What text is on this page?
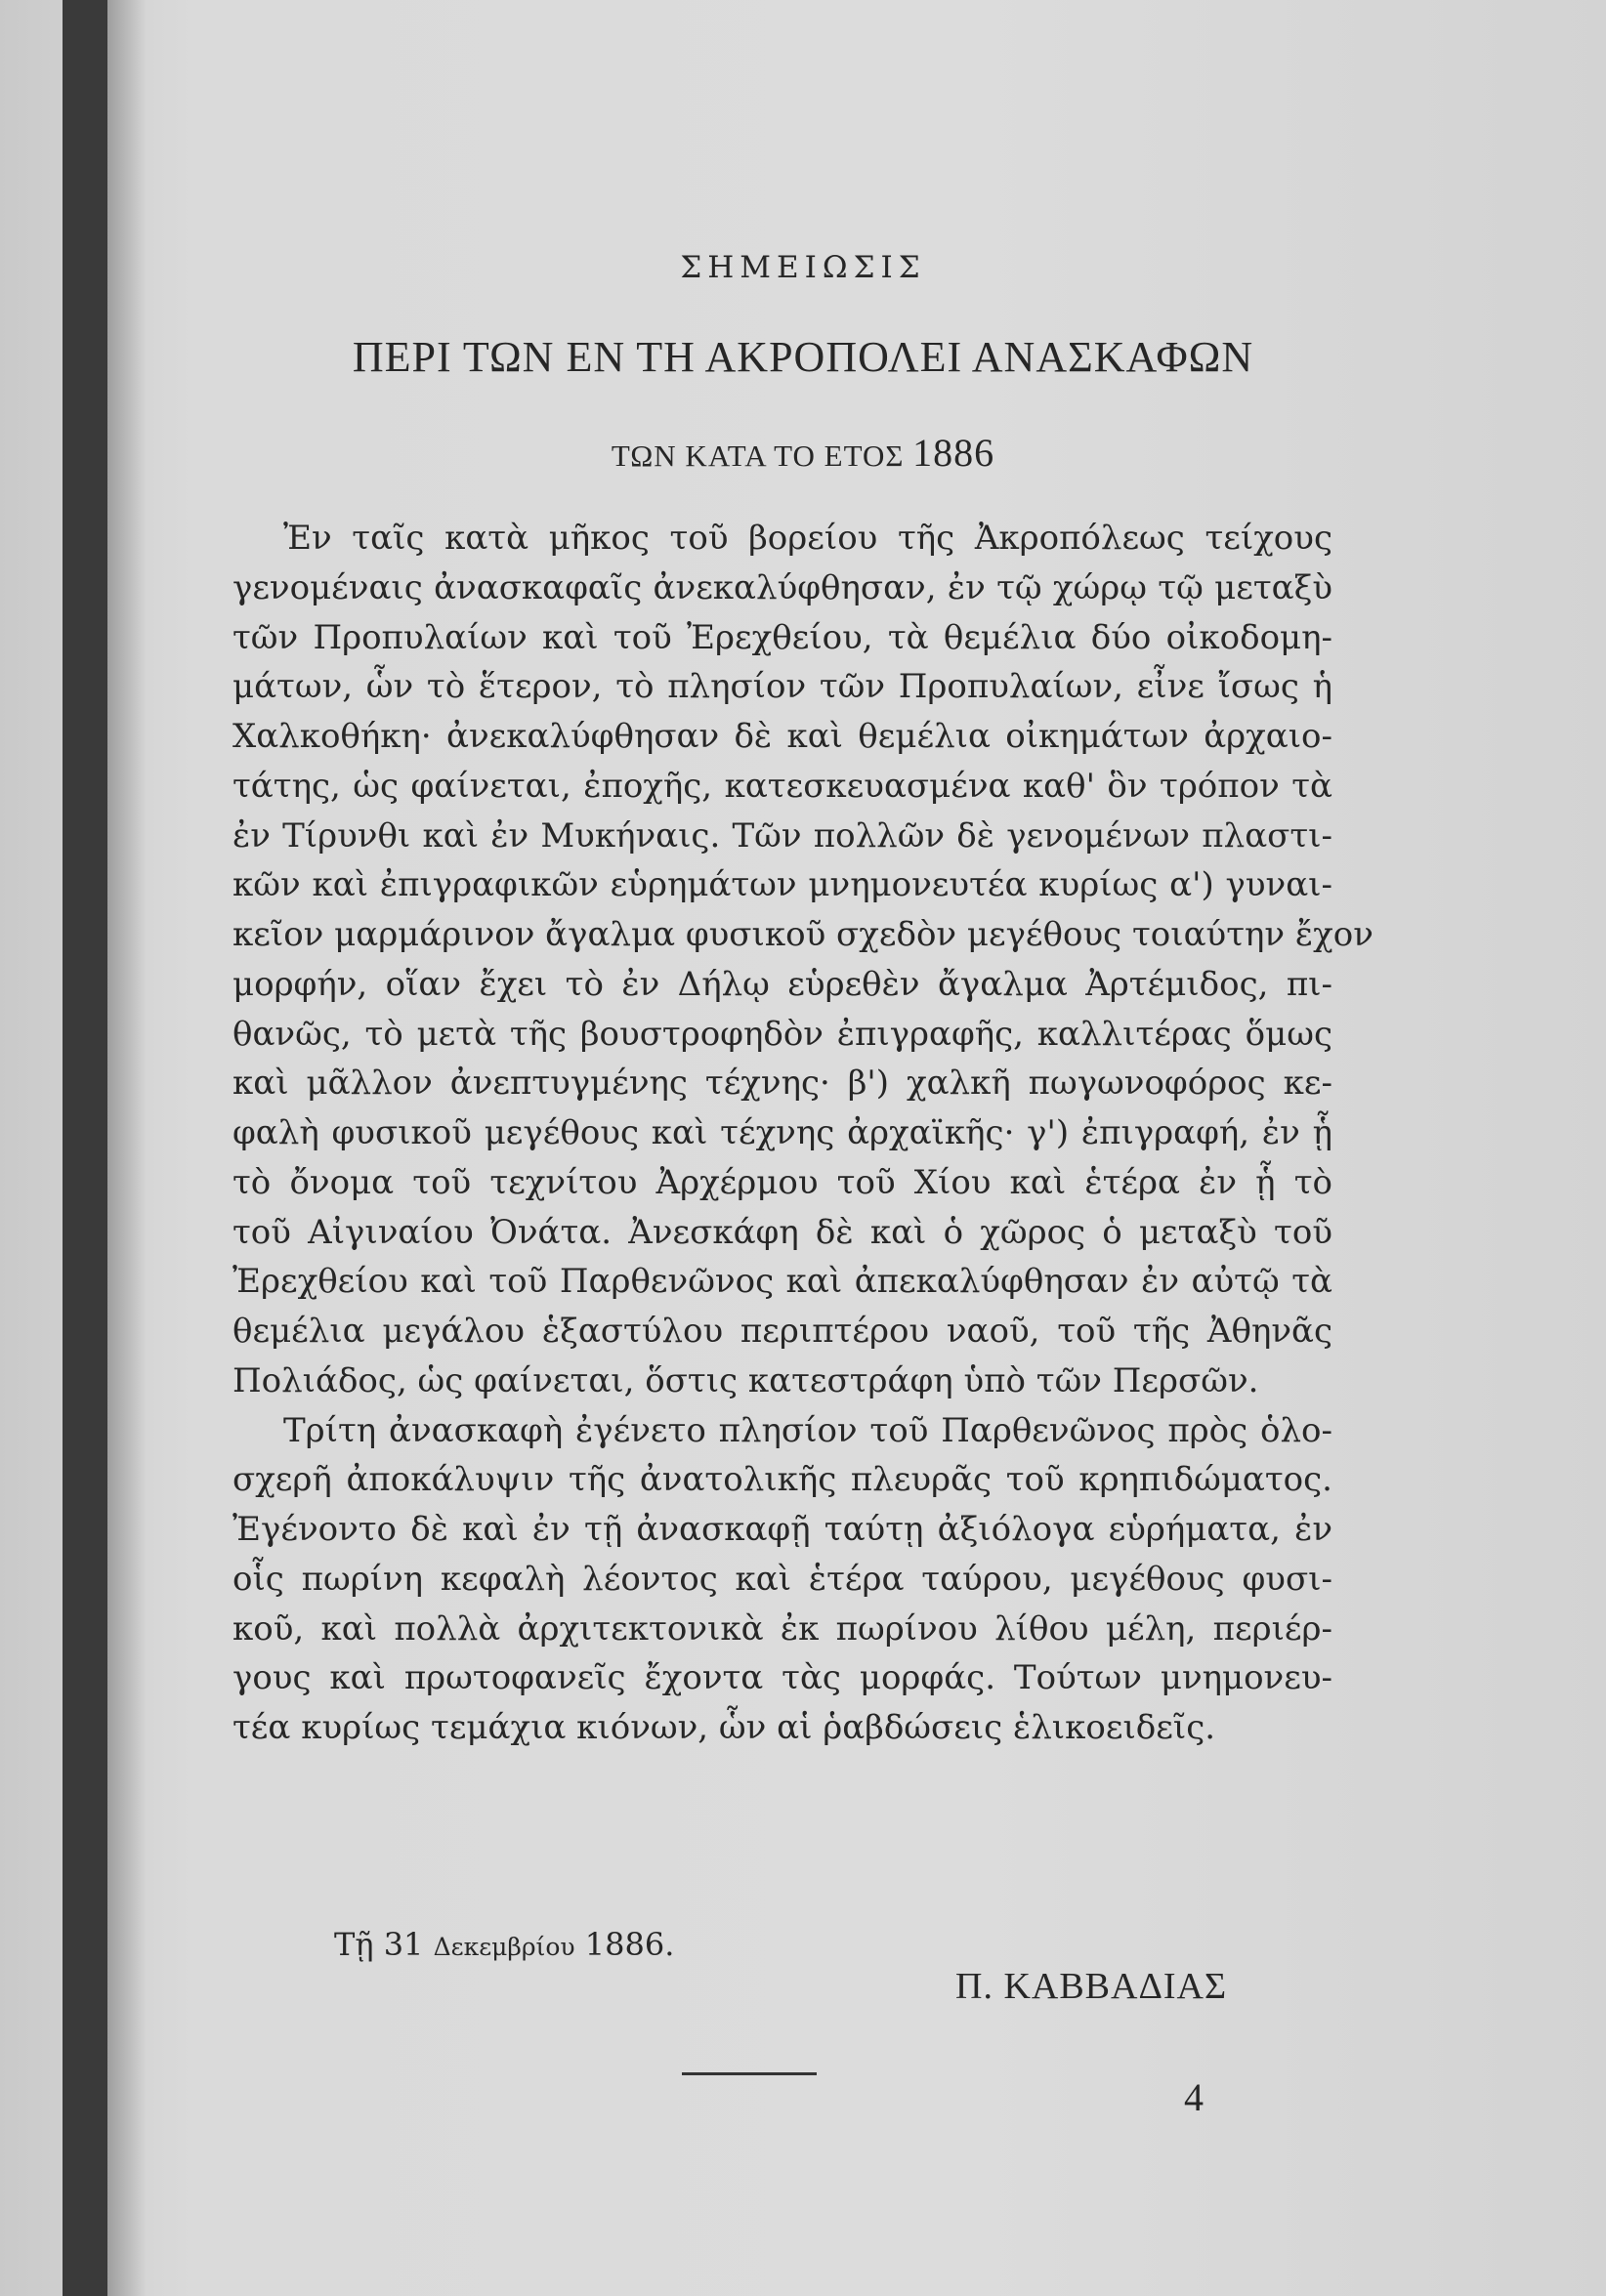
ΣΗΜΕΙΩΣΙΣ
ΠΕΡΙ ΤΩΝ ΕΝ ΤΗ ΑΚΡΟΠΟΛΕΙ ΑΝΑΣΚΑΦΩΝ
ΤΩΝ ΚΑΤΑ ΤΟ ΕΤΟΣ 1886
Ἐν ταῖς κατὰ μῆκος τοῦ βορείου τῆς Ἀκροπόλεως τείχους
γενομέναις ἀνασκαφαῖς ἀνεκαλύφθησαν, ἐν τῷ χώρῳ τῷ μεταξὺ
τῶν Προπυλαίων καὶ τοῦ Ἐρεχθείου, τὰ θεμέλια δύο οἰκοδομη-
μάτων, ὧν τὸ ἕτερον, τὸ πλησίον τῶν Προπυλαίων, εἶνε ἴσως ἡ
Χαλκοθήκη· ἀνεκαλύφθησαν δὲ καὶ θεμέλια οἰκημάτων ἀρχαιο-
τάτης, ὡς φαίνεται, ἐποχῆς, κατεσκευασμένα καθ' ὃν τρόπον τὰ
ἐν Τίρυνθι καὶ ἐν Μυκήναις. Τῶν πολλῶν δὲ γενομένων πλαστι-
κῶν καὶ ἐπιγραφικῶν εὑρημάτων μνημονευτέα κυρίως α') γυναι-
κεῖον μαρμάρινον ἄγαλμα φυσικοῦ σχεδὸν μεγέθους τοιαύτην ἔχον
μορφήν, οἵαν ἔχει τὸ ἐν Δήλῳ εὑρεθὲν ἄγαλμα Ἀρτέμιδος, πι-
θανῶς, τὸ μετὰ τῆς βουστροφηδὸν ἐπιγραφῆς, καλλιτέρας ὅμως
καὶ μᾶλλον ἀνεπτυγμένης τέχνης· β') χαλκῆ πωγωνοφόρος κε-
φαλὴ φυσικοῦ μεγέθους καὶ τέχνης ἀρχαϊκῆς· γ') ἐπιγραφή, ἐν ᾗ
τὸ ὄνομα τοῦ τεχνίτου Ἀρχέρμου τοῦ Χίου καὶ ἑτέρα ἐν ᾗ τὸ
τοῦ Αἰγιναίου Ὀνάτα. Ἀνεσκάφη δὲ καὶ ὁ χῶρος ὁ μεταξὺ τοῦ
Ἐρεχθείου καὶ τοῦ Παρθενῶνος καὶ ἀπεκαλύφθησαν ἐν αὐτῷ τὰ
θεμέλια μεγάλου ἑξαστύλου περιπτέρου ναοῦ, τοῦ τῆς Ἀθηνᾶς
Πολιάδος, ὡς φαίνεται, ὅστις κατεστράφη ὑπὸ τῶν Περσῶν.
Τρίτη ἀνασκαφὴ ἐγένετο πλησίον τοῦ Παρθενῶνος πρὸς ὁλο-
σχερῆ ἀποκάλυψιν τῆς ἀνατολικῆς πλευρᾶς τοῦ κρηπιδώματος.
Ἐγένοντο δὲ καὶ ἐν τῇ ἀνασκαφῇ ταύτῃ ἀξιόλογα εὑρήματα, ἐν
οἷς πωρίνη κεφαλὴ λέοντος καὶ ἑτέρα ταύρου, μεγέθους φυσι-
κοῦ, καὶ πολλὰ ἀρχιτεκτονικὰ ἐκ πωρίνου λίθου μέλη, περιέρ-
γους καὶ πρωτοφανεῖς ἔχοντα τὰς μορφάς. Τούτων μνημονευ-
τέα κυρίως τεμάχια κιόνων, ὧν αἱ ῥαβδώσεις ἑλικοειδεῖς.
Τῇ 31 Δεκεμβρίου 1886.
Π. ΚΑΒΒΑΔΙΑΣ
4
